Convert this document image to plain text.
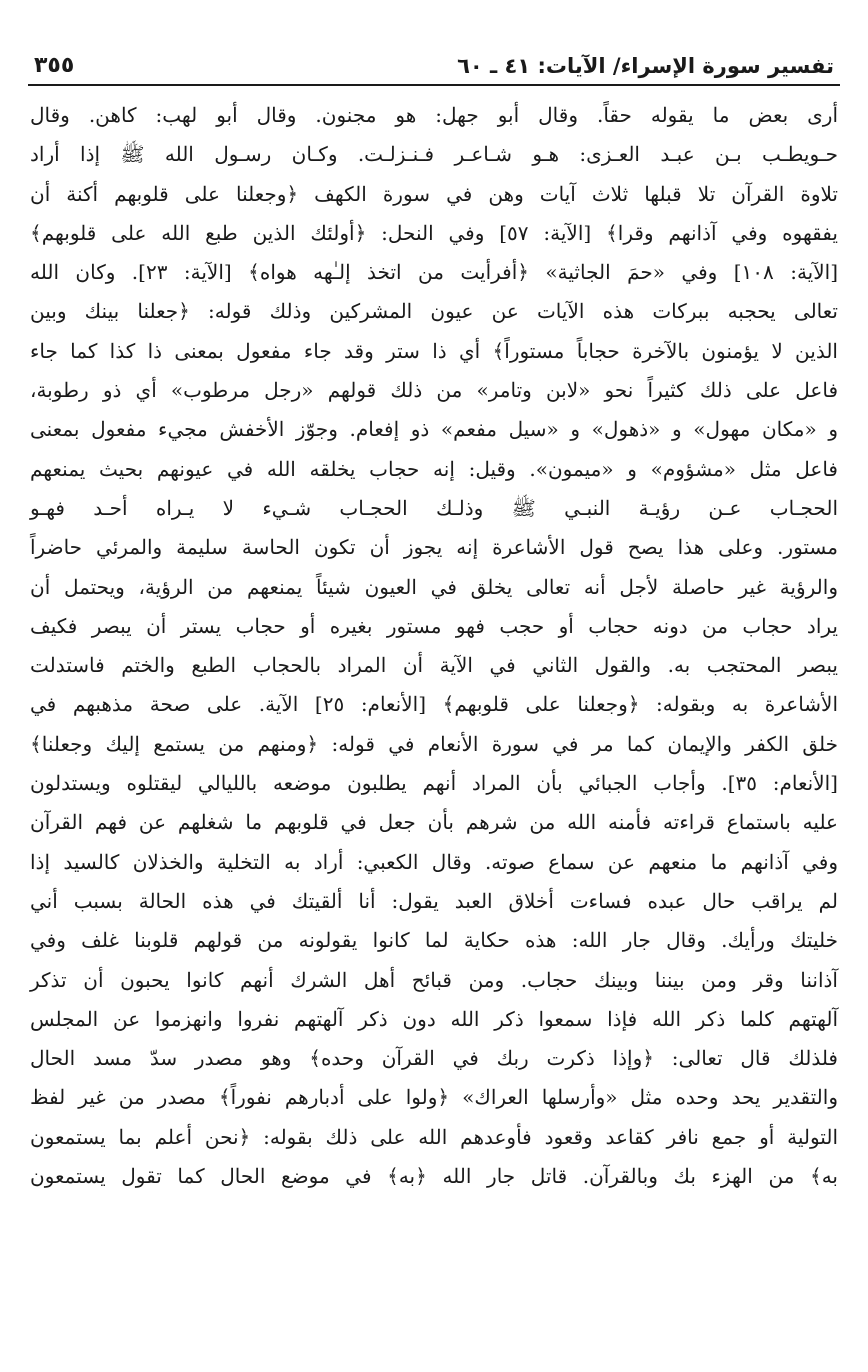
تفسير سورة الإسراء/ الآيات: ٤١ ـ ٦٠
٣٥٥
أرى بعض ما يقوله حقاً. وقال أبو جهل: هو مجنون. وقال أبو لهب: كاهن. وقال
حـويطـب بـن عبـد العـزى: هـو شـاعـر فـنـزلـت. وكـان رسـول الله ﷺ إذا أراد
تلاوة القرآن تلا قبلها ثلاث آيات وهن في سورة الكهف ﴿وجعلنا على قلوبهم أكنة أن
يفقهوه وفي آذانهم وقرا﴾ [الآية: ٥٧] وفي النحل: ﴿أولئك الذين طبع الله على قلوبهم﴾
[الآية: ١٠٨] وفي «حمَ الجاثية» ﴿أفرأيت من اتخذ إلـٰهه هواه﴾ [الآية: ٢٣]. وكان الله
تعالى يحجبه ببركات هذه الآيات عن عيون المشركين وذلك قوله: ﴿جعلنا بينك وبين
الذين لا يؤمنون بالآخرة حجاباً مستوراً﴾ أي ذا ستر وقد جاء مفعول بمعنى ذا كذا كما جاء
فاعل على ذلك كثيراً نحو «لابن وتامر» من ذلك قولهم «رجل مرطوب» أي ذو رطوبة،
و «مكان مهول» و «ذهول» و «سيل مفعم» ذو إفعام. وجوّز الأخفش مجيء مفعول بمعنى
فاعل مثل «مشؤوم» و «ميمون». وقيل: إنه حجاب يخلقه الله في عيونهم بحيث يمنعهم
الحجـاب عـن رؤيـة النبـي ﷺ وذلـك الحجـاب شـيء لا يـراه أحـد فهـو
مستور. وعلى هذا يصح قول الأشاعرة إنه يجوز أن تكون الحاسة سليمة والمرئي حاضراً
والرؤية غير حاصلة لأجل أنه تعالى يخلق في العيون شيئاً يمنعهم من الرؤية، ويحتمل أن
يراد حجاب من دونه حجاب أو حجب فهو مستور بغيره أو حجاب يستر أن يبصر فكيف
يبصر المحتجب به. والقول الثاني في الآية أن المراد بالحجاب الطبع والختم فاستدلت
الأشاعرة به وبقوله: ﴿وجعلنا على قلوبهم﴾ [الأنعام: ٢٥] الآية. على صحة مذهبهم في
خلق الكفر والإيمان كما مر في سورة الأنعام في قوله: ﴿ومنهم من يستمع إليك وجعلنا﴾
[الأنعام: ٣٥]. وأجاب الجبائي بأن المراد أنهم يطلبون موضعه بالليالي ليقتلوه ويستدلون
عليه باستماع قراءته فأمنه الله من شرهم بأن جعل في قلوبهم ما شغلهم عن فهم القرآن
وفي آذانهم ما منعهم عن سماع صوته. وقال الكعبي: أراد به التخلية والخذلان كالسيد إذا
لم يراقب حال عبده فساءت أخلاق العبد يقول: أنا ألقيتك في هذه الحالة بسبب أني
خليتك ورأيك. وقال جار الله: هذه حكاية لما كانوا يقولونه من قولهم قلوبنا غلف وفي
آذاننا وقر ومن بيننا وبينك حجاب. ومن قبائح أهل الشرك أنهم كانوا يحبون أن تذكر
آلهتهم كلما ذكر الله فإذا سمعوا ذكر الله دون ذكر آلهتهم نفروا وانهزموا عن المجلس
فلذلك قال تعالى: ﴿وإذا ذكرت ربك في القرآن وحده﴾ وهو مصدر سدّ مسد الحال
والتقدير يحد وحده مثل «وأرسلها العراك» ﴿ولوا على أدبارهم نفوراً﴾ مصدر من غير لفظ
التولية أو جمع نافر كقاعد وقعود فأوعدهم الله على ذلك بقوله: ﴿نحن أعلم بما يستمعون
به﴾ من الهزء بك وبالقرآن. قاتل جار الله ﴿به﴾ في موضع الحال كما تقول يستمعون
